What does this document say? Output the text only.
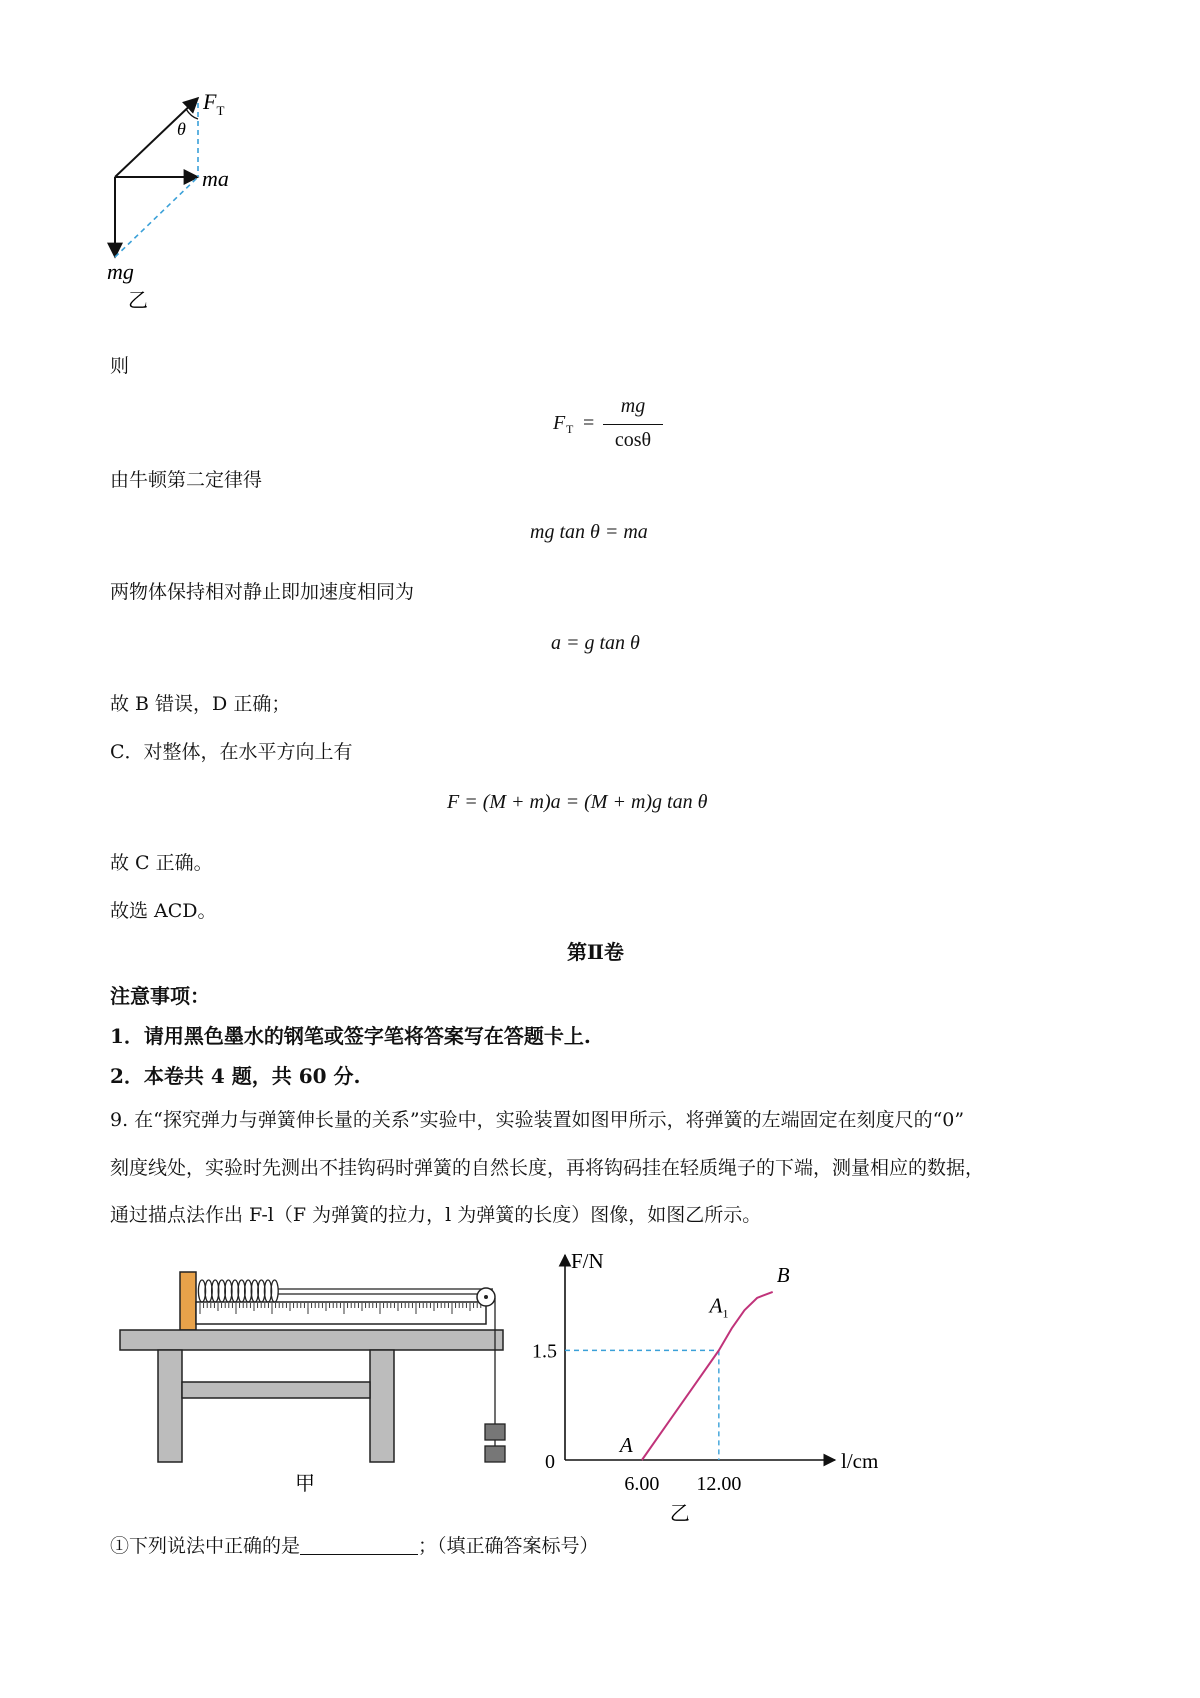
$F_T$
θ
ma
mg
乙
则
F T =
mg
cosθ
由牛顿第二定律得
mg tan θ = ma
两物体保持相对静止即加速度相同为
a = g tan θ
故 B 错误，D 正确；
C．对整体，在水平方向上有
F = (M + m)a = (M + m)g tan θ
故 C 正确。
故选 ACD。
第Ⅱ卷
注意事项：
1．请用黑色墨水的钢笔或签字笔将答案写在答题卡上.
2．本卷共 4 题，共 60 分.
9. 在“探究弹力与弹簧伸长量的关系”实验中，实验装置如图甲所示，将弹簧的左端固定在刻度尺的“0”
刻度线处，实验时先测出不挂钩码时弹簧的自然长度，再将钩码挂在轻质绳子的下端，测量相应的数据，
通过描点法作出 F-l（F 为弹簧的拉力，l 为弹簧的长度）图像，如图乙所示。
甲
F/N
l/cm
0
6.00 12.00
1.5
A
$A_1$
B
乙
①下列说法中正确的是	；（填正确答案标号）
